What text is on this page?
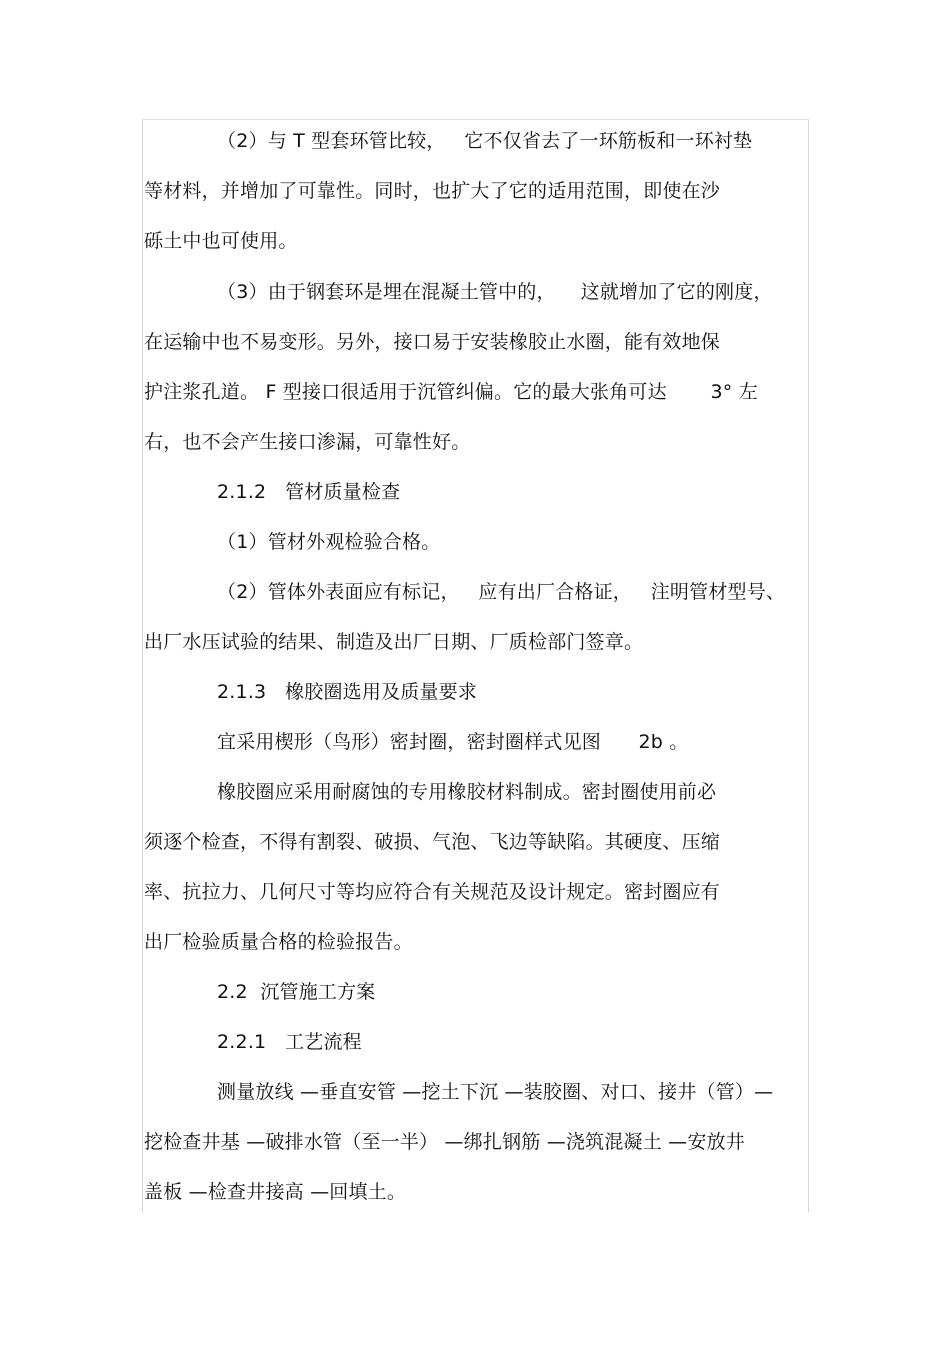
（2）与 T 型套环管比较，   它不仅省去了一环筋板和一环衬垫
等材料，并增加了可靠性。同时，也扩大了它的适用范围，即使在沙
砾土中也可使用。
（3）由于钢套环是埋在混凝土管中的，    这就增加了它的刚度，
在运输中也不易变形。另外，接口易于安装橡胶止水圈，能有效地保
护注浆孔道。 F 型接口很适用于沉管纠偏。它的最大张角可达       3° 左
右，也不会产生接口渗漏，可靠性好。
2.1.2   管材质量检查
（1）管材外观检验合格。
（2）管体外表面应有标记，   应有出厂合格证，   注明管材型号、
出厂水压试验的结果、制造及出厂日期、厂质检部门签章。
2.1.3   橡胶圈选用及质量要求
宜采用楔形（鸟形）密封圈，密封圈样式见图      2b 。
橡胶圈应采用耐腐蚀的专用橡胶材料制成。密封圈使用前必
须逐个检查，不得有割裂、破损、气泡、飞边等缺陷。其硬度、压缩
率、抗拉力、几何尺寸等均应符合有关规范及设计规定。密封圈应有
出厂检验质量合格的检验报告。
2.2  沉管施工方案
2.2.1   工艺流程
测量放线 —垂直安管 —挖土下沉 —装胶圈、对口、接井（管）—
挖检查井基 —破排水管（至一半） —绑扎钢筋 —浇筑混凝土 —安放井
盖板 —检查井接高 —回填土。
